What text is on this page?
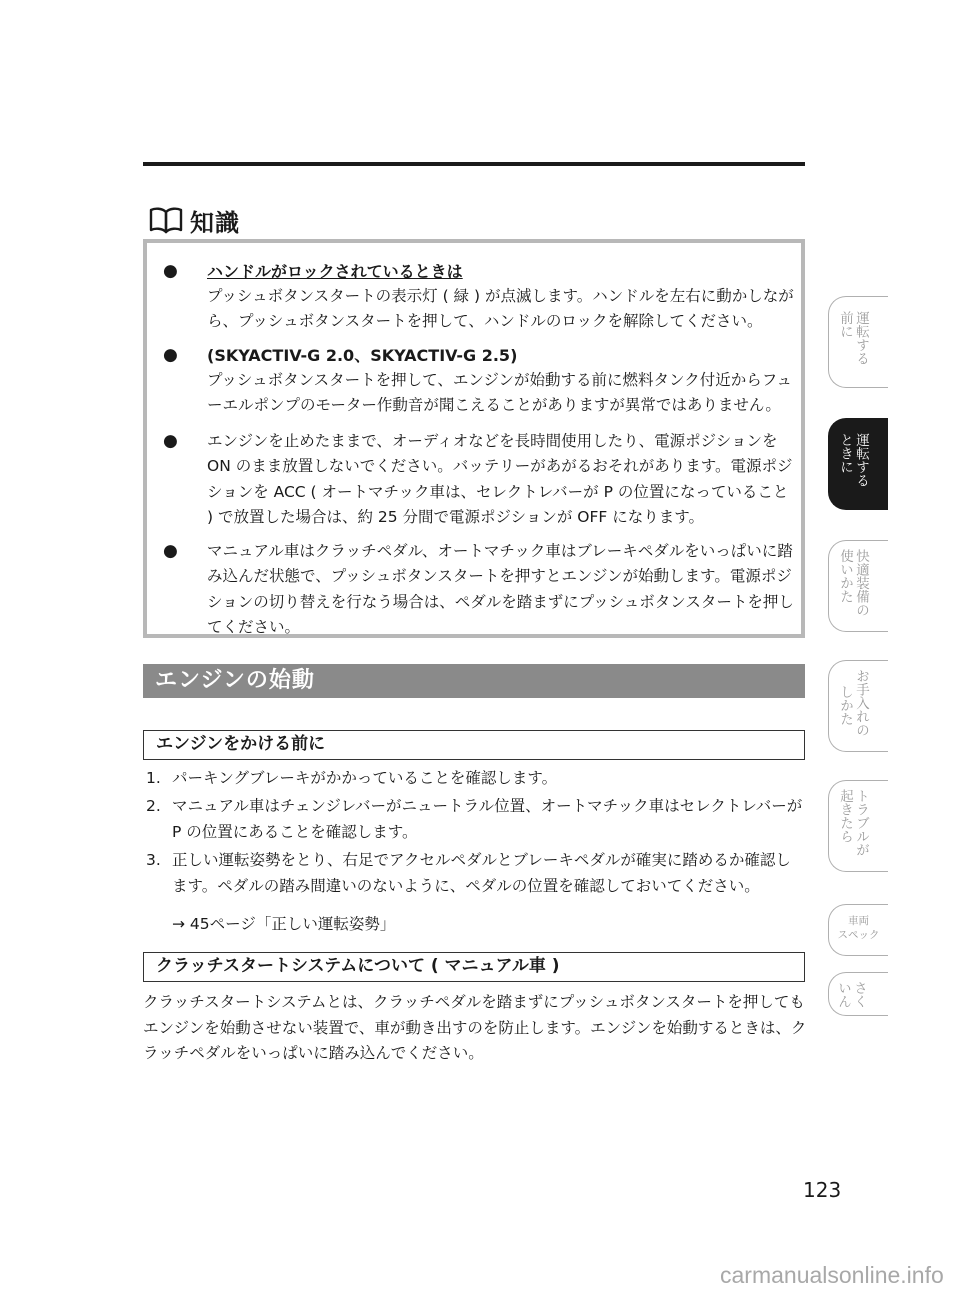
知識
● ハンドルがロックされているときは
プッシュボタンスタートの表示灯 ( 緑 ) が点滅します。ハンドルを左右に動かしながら、プッシュボタンスタートを押して、ハンドルのロックを解除してください。
● (SKYACTIV-G 2.0、SKYACTIV-G 2.5)
プッシュボタンスタートを押して、エンジンが始動する前に燃料タンク付近からフューエルポンプのモーター作動音が聞こえることがありますが異常ではありません。
● エンジンを止めたままで、オーディオなどを長時間使用したり、電源ポジションを ON のまま放置しないでください。バッテリーがあがるおそれがあります。電源ポジションを ACC ( オートマチック車は、セレクトレバーが P の位置になっていること ) で放置した場合は、約 25 分間で電源ポジションが OFF になります。
● マニュアル車はクラッチペダル、オートマチック車はブレーキペダルをいっぱいに踏み込んだ状態で、プッシュボタンスタートを押すとエンジンが始動します。電源ポジションの切り替えを行なう場合は、ペダルを踏まずにプッシュボタンスタートを押してください。
エンジンの始動
エンジンをかける前に
1. パーキングブレーキがかかっていることを確認します。
2. マニュアル車はチェンジレバーがニュートラル位置、オートマチック車はセレクトレバーが P の位置にあることを確認します。
3. 正しい運転姿勢をとり、右足でアクセルペダルとブレーキペダルが確実に踏めるか確認します。ペダルの踏み間違いのないように、ペダルの位置を確認しておいてください。
→ 45ページ「正しい運転姿勢」
クラッチスタートシステムについて ( マニュアル車 )
クラッチスタートシステムとは、クラッチペダルを踏まずにプッシュボタンスタートを押してもエンジンを始動させない装置で、車が動き出すのを防止します。エンジンを始動するときは、クラッチペダルをいっぱいに踏み込んでください。
123
carmanualsonline.info
運転する
前に
運転する
ときに
快適装備の
使いかた
お手入れの
しかた
トラブルが
起きたら
車両
スペック
さく
いん
